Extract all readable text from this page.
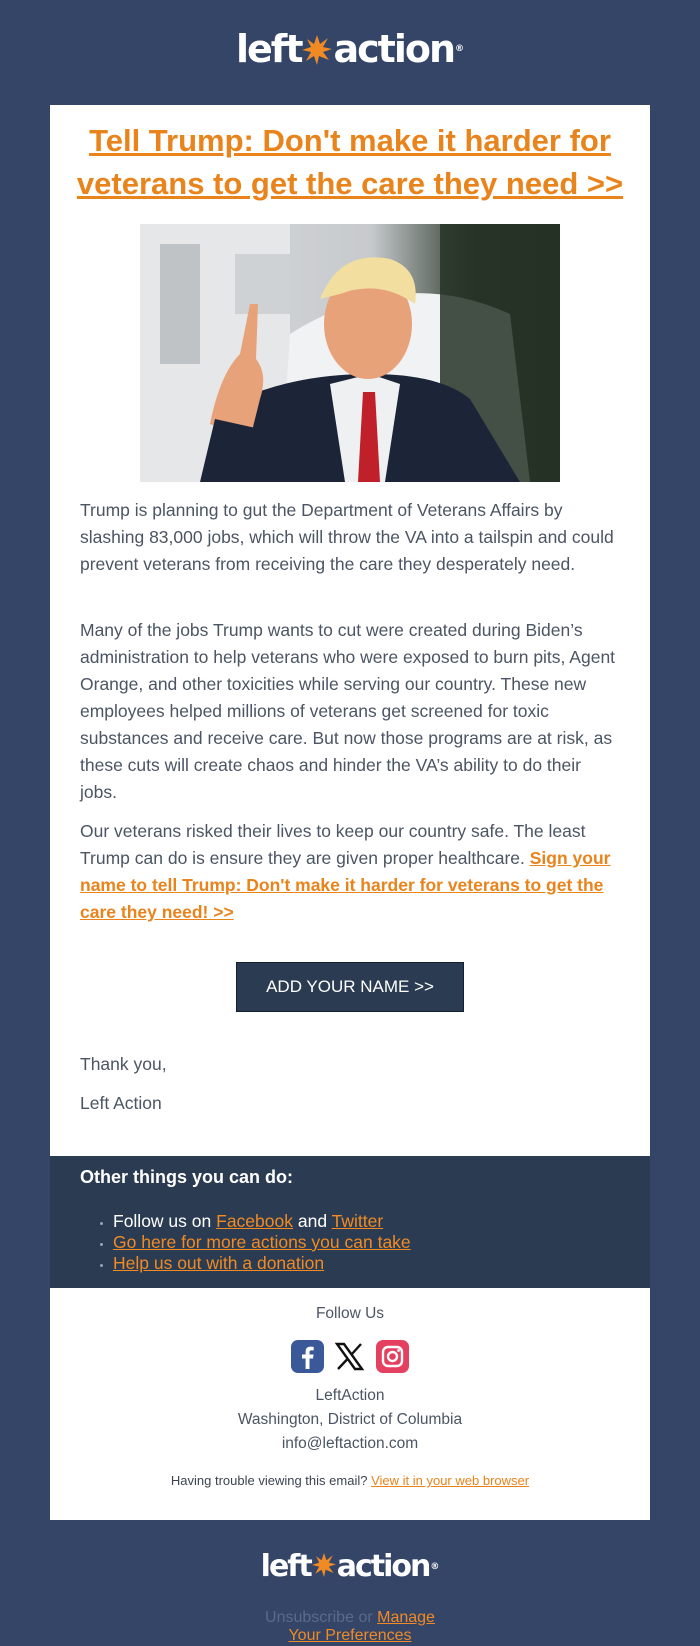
left action®
Tell Trump: Don't make it harder for veterans to get the care they need >>

Trump is planning to gut the Department of Veterans Affairs by slashing 83,000 jobs, which will throw the VA into a tailspin and could prevent veterans from receiving the care they desperately need.

Many of the jobs Trump wants to cut were created during Biden’s administration to help veterans who were exposed to burn pits, Agent Orange, and other toxicities while serving our country. These new employees helped millions of veterans get screened for toxic substances and receive care. But now those programs are at risk, as these cuts will create chaos and hinder the VA’s ability to do their jobs.

Our veterans risked their lives to keep our country safe. The least Trump can do is ensure they are given proper healthcare. Sign your name to tell Trump: Don't make it harder for veterans to get the care they need! >>

ADD YOUR NAME >>

Thank you,

Left Action

Other things you can do:
• Follow us on Facebook and Twitter
• Go here for more actions you can take
• Help us out with a donation
Follow Us
LeftAction
Washington, District of Columbia
info@leftaction.com
Having trouble viewing this email? View it in your web browser
left action®
Unsubscribe or Manage
Your Preferences
